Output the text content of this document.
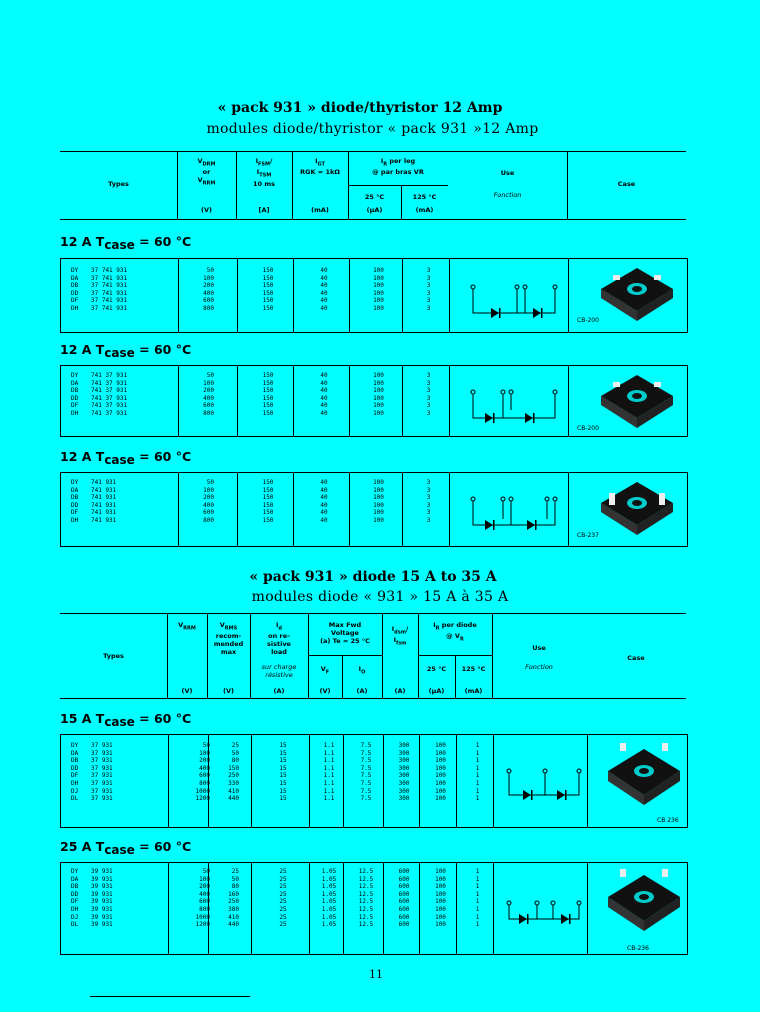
« pack 931 » diode/thyristor 12 Amp
modules diode/thyristor « pack 931 »12 Amp
Types
$V_{DRM}$
or
$V_{RRM}$
(V)
$I_{FSM}/$
$I_{TSM}$
10 ms
[A]
$I_{GT}$
RGK = 1kΩ
(mA)
$I_R$ per leg
@ par bras VR
25 °C
(μA)
125 °C
(mA)
Use
Fonction
Case
12 A $T_{case} = 60$ °C
DY
DA
DB
DD
DF
DH
37 741 931
37 741 931
37 741 931
37 741 931
37 741 931
37 741 931
50
100
200
400
600
800
150
150
150
150
150
150
40
40
40
40
40
40
100
100
100
100
100
100
3
3
3
3
3
3
CB-200
12 A $T_{case} = 60$ °C
DY
DA
DB
DD
DF
DH
741 37 931
741 37 931
741 37 931
741 37 931
741 37 931
741 37 931
50
100
200
400
600
800
150
150
150
150
150
150
40
40
40
40
40
40
100
100
100
100
100
100
3
3
3
3
3
3
CB-200
12 A $T_{case} = 60$ °C
DY
DA
DB
DD
DF
DH
741 931
741 931
741 931
741 931
741 931
741 931
50
100
200
400
600
800
150
150
150
150
150
150
40
40
40
40
40
40
100
100
100
100
100
100
3
3
3
3
3
3
CB-237
« pack 931 » diode 15 A to 35 A
modules diode « 931 » 15 A à 35 A
Types
$V_{RRM}$
(V)
$V_{RMS}$
recom-
mended
max
(V)
$I_d$
on re-
sistive
load
sur charge résistive
(A)
Max Fwd
Voltage
(a) Te = 25 °C
$V_F$
(V)
$I_O$
(A)
$I_{dsm}/$
$I_{fsm}$
(A)
$I_R$ per diode
@ $V_R$
25 °C
(μA)
125 °C
(mA)
Use
Fonction
Case
15 A $T_{case} = 60$ °C
DY
DA
DB
DD
DF
DH
DJ
DL
37 931
37 931
37 931
37 931
37 931
37 931
37 931
37 931
50
100
200
400
600
800
1000
1200
25
50
80
150
250
330
410
440
15
15
15
15
15
15
15
15
1.1
1.1
1.1
1.1
1.1
1.1
1.1
1.1
7.5
7.5
7.5
7.5
7.5
7.5
7.5
7.5
300
300
300
300
300
300
300
300
100
100
100
100
100
100
100
100
1
1
1
1
1
1
1
1
CB 236
25 A $T_{case} = 60$ °C
DY
DA
DB
DD
DF
DH
DJ
DL
39 931
39 931
39 931
39 931
39 931
39 931
39 931
39 931
50
100
200
400
600
800
1000
1200
25
50
80
160
250
380
410
440
25
25
25
25
25
25
25
25
1.05
1.05
1.05
1.05
1.05
1.05
1.05
1.05
12.5
12.5
12.5
12.5
12.5
12.5
12.5
12.5
600
600
600
600
600
600
600
600
100
100
100
100
100
100
100
100
1
1
1
1
1
1
1
1
CB-236
11
